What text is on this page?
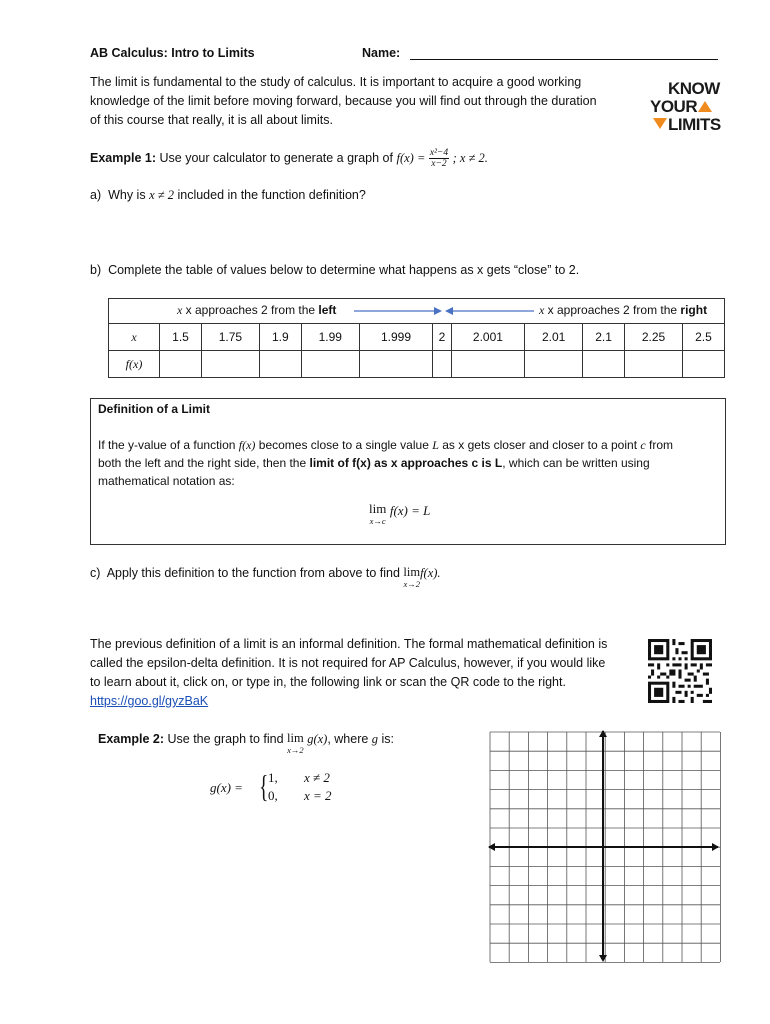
AB Calculus: Intro to Limits	Name:
The limit is fundamental to the study of calculus. It is important to acquire a good working
knowledge of the limit before moving forward, because you will find out through the duration
of this course that really, it is all about limits.
KNOW
YOUR
LIMITS
Example 1: Use your calculator to generate a graph of $f(x) = \frac{\text{x²−4}}{x-2}$ ; x ≠ 2.
a) Why is x ≠ 2 included in the function definition?
b) Complete the table of values below to determine what happens as x gets “close” to 2.
x x approaches 2 from the left x x approaches 2 from the right											

x	1.5	1.75	1.9	1.99	1.999	2	2.001	2.01	2.1	2.25	2.5
f(x)											
Definition of a Limit
If the y-value of a function f(x) becomes close to a single value L as x gets closer and closer to a point c from
both the left and the right side, then the limit of f(x) as x approaches c is L, which can be written using
mathematical notation as:
lim
x→c
f(x) = L
c) Apply this definition to the function from above to find lim
x→2
f(x).
The previous definition of a limit is an informal definition. The formal mathematical definition is
called the epsilon-delta definition. It is not required for AP Calculus, however, if you would like
to learn about it, click on, or type in, the following link or scan the QR code to the right.
https://goo.gl/gyzBaK
Example 2: Use the graph to find lim
x→2
g(x), where g is:
g(x) = { 1, x ≠ 2
0, x = 2
